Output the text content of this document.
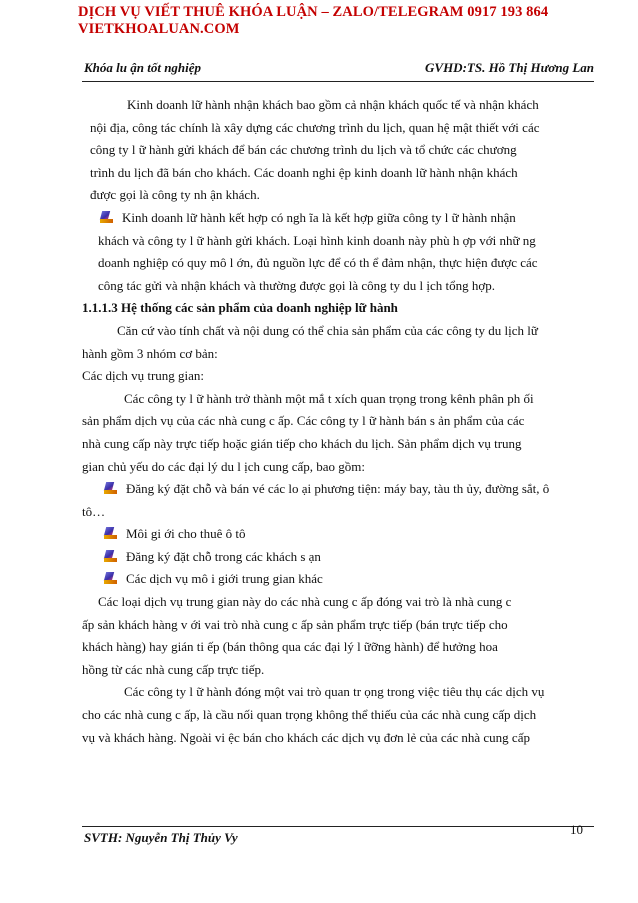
DỊCH VỤ VIẾT THUÊ KHÓA LUẬN – ZALO/TELEGRAM 0917 193 864
VIETKHOALUAN.COM
Khóa lu ận tốt nghiệp	GVHD:TS. Hồ Thị Hương Lan

Kinh doanh lữ hành nhận khách bao gồm cả nhận khách quốc tế và nhận khách

nội địa, công tác chính là xây dựng các chương trình du lịch, quan hệ mật thiết với các

công ty l ữ hành gửi khách để bán các chương trình du lịch và tổ chức các chương

trình du lịch đã bán cho khách. Các doanh nghi ệp kinh doanh lữ hành nhận khách

được gọi là công ty nh ận khách.

Kinh doanh lữ hành kết hợp có ngh ĩa là kết hợp giữa công ty l ữ hành nhận

khách và công ty l ữ hành gửi khách. Loại hình kinh doanh này phù h ợp với nhữ ng

doanh nghiệp có quy mô l ớn, đủ nguồn lực để có th ể đảm nhận, thực hiện được các

công tác gửi và nhận khách và thường được gọi là công ty du l ịch tổng hợp.

1.1.1.3 Hệ thống các sản phẩm của doanh nghiệp lữ hành

Căn cứ vào tính chất và nội dung có thể chia sản phẩm của các công ty du lịch lữ

hành gồm 3 nhóm cơ bản:

Các dịch vụ trung gian:

Các công ty l ữ hành trở thành một mắ t xích quan trọng trong kênh phân ph ối

sản phẩm dịch vụ của các nhà cung c ấp. Các công ty l ữ hành bán s ản phẩm của các

nhà cung cấp này trực tiếp hoặc gián tiếp cho khách du lịch. Sản phẩm dịch vụ trung

gian chủ yếu do các đại lý du l ịch cung cấp, bao gồm:

Đăng ký đặt chỗ và bán vé các lo ại phương tiện: máy bay, tàu th ủy, đường sắt, ô

tô…

Môi gi ới cho thuê ô tô
Đăng ký đặt chỗ trong các khách s ạn
Các dịch vụ mô i giới trung gian khác

Các loại dịch vụ trung gian này do các nhà cung c ấp đóng vai trò là nhà cung c

ấp sản khách hàng v ới vai trò nhà cung c ấp sản phẩm trực tiếp (bán trực tiếp cho

khách hàng) hay gián ti ếp (bán thông qua các đại lý l ữỡng hành) để hưởng hoa

hồng từ các nhà cung cấp trực tiếp.

Các công ty l ữ hành đóng một vai trò quan tr ọng trong việc tiêu thụ các dịch vụ

cho các nhà cung c ấp, là cầu nối quan trọng không thể thiếu của các nhà cung cấp dịch

vụ và khách hàng. Ngoài vi ệc bán cho khách các dịch vụ đơn lẻ của các nhà cung cấp

SVTH: Nguyễn Thị Thủy Vy
10
